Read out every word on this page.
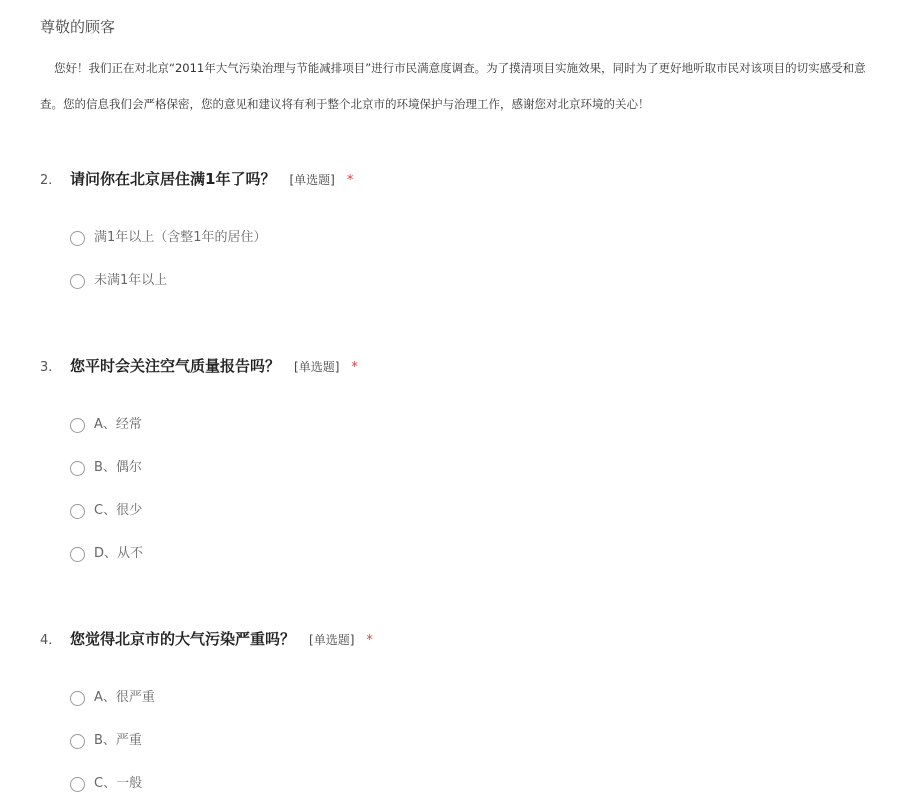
尊敬的顾客
您好！我们正在对北京“2011年大气污染治理与节能减排项目”进行市民满意度调查。为了摸清项目实施效果，同时为了更好地听取市民对该项目的切实感受和意
查。您的信息我们会严格保密，您的意见和建议将有利于整个北京市的环境保护与治理工作，感谢您对北京环境的关心！
2. 请问你在北京居住满1年了吗？ [单选题] *
满1年以上（含整1年的居住）
未满1年以上
3. 您平时会关注空气质量报告吗？ [单选题] *
A、经常
B、偶尔
C、很少
D、从不
4. 您觉得北京市的大气污染严重吗？ [单选题] *
A、很严重
B、严重
C、一般
